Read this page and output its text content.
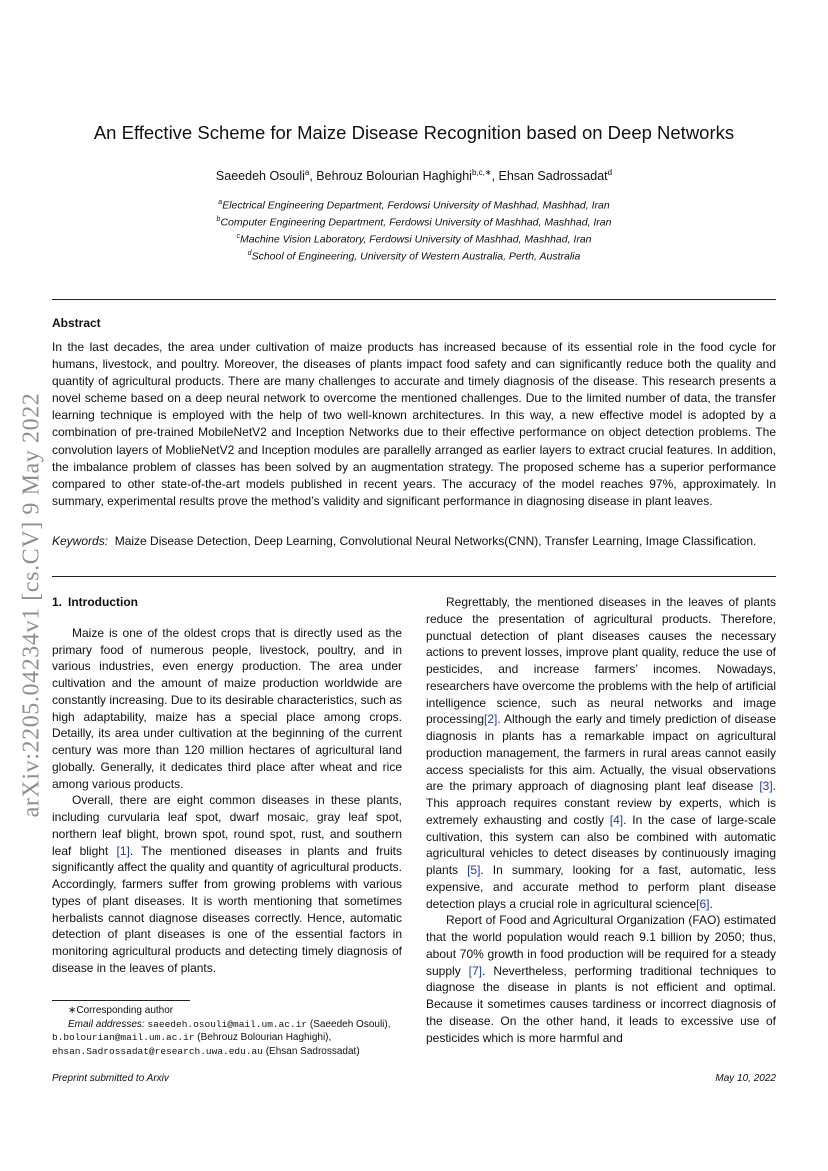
arXiv:2205.04234v1 [cs.CV] 9 May 2022
An Effective Scheme for Maize Disease Recognition based on Deep Networks
Saeedeh Osouli$^a$, Behrouz Bolourian Haghighi$^{b,c,∗}$, Ehsan Sadrossadat$^d$
$^a$Electrical Engineering Department, Ferdowsi University of Mashhad, Mashhad, Iran
$^b$Computer Engineering Department, Ferdowsi University of Mashhad, Mashhad, Iran
$^c$Machine Vision Laboratory, Ferdowsi University of Mashhad, Mashhad, Iran
$^d$School of Engineering, University of Western Australia, Perth, Australia
Abstract
In the last decades, the area under cultivation of maize products has increased because of its essential role in the food cycle for humans, livestock, and poultry. Moreover, the diseases of plants impact food safety and can significantly reduce both the quality and quantity of agricultural products. There are many challenges to accurate and timely diagnosis of the disease. This research presents a novel scheme based on a deep neural network to overcome the mentioned challenges. Due to the limited number of data, the transfer learning technique is employed with the help of two well-known architectures. In this way, a new effective model is adopted by a combination of pre-trained MobileNetV2 and Inception Networks due to their effective performance on object detection problems. The convolution layers of MoblieNetV2 and Inception modules are parallelly arranged as earlier layers to extract crucial features. In addition, the imbalance problem of classes has been solved by an augmentation strategy. The proposed scheme has a superior performance compared to other state-of-the-art models published in recent years. The accuracy of the model reaches 97%, approximately. In summary, experimental results prove the method’s validity and significant performance in diagnosing disease in plant leaves.
Keywords: Maize Disease Detection, Deep Learning, Convolutional Neural Networks(CNN), Transfer Learning, Image Classification.
1. Introduction

Maize is one of the oldest crops that is directly used as the primary food of numerous people, livestock, poultry, and in various industries, even energy production. The area under cultivation and the amount of maize production worldwide are constantly increasing. Due to its desirable characteristics, such as high adaptability, maize has a special place among crops. Detailly, its area under cultivation at the beginning of the current century was more than 120 million hectares of agricultural land globally. Generally, it dedicates third place after wheat and rice among various products.

Overall, there are eight common diseases in these plants, including curvularia leaf spot, dwarf mosaic, gray leaf spot, northern leaf blight, brown spot, round spot, rust, and southern leaf blight [1]. The mentioned diseases in plants and fruits significantly affect the quality and quantity of agricultural products. Accordingly, farmers suffer from growing problems with various types of plant diseases. It is worth mentioning that sometimes herbalists cannot diagnose diseases correctly. Hence, automatic detection of plant diseases is one of the essential factors in monitoring agricultural products and detecting timely diagnosis of disease in the leaves of plants.

Regrettably, the mentioned diseases in the leaves of plants reduce the presentation of agricultural products. Therefore, punctual detection of plant diseases causes the necessary actions to prevent losses, improve plant quality, reduce the use of pesticides, and increase farmers’ incomes. Nowadays, researchers have overcome the problems with the help of artificial intelligence science, such as neural networks and image processing[2]. Although the early and timely prediction of disease diagnosis in plants has a remarkable impact on agricultural production management, the farmers in rural areas cannot easily access specialists for this aim. Actually, the visual observations are the primary approach of diagnosing plant leaf disease [3]. This approach requires constant review by experts, which is extremely exhausting and costly [4]. In the case of large-scale cultivation, this system can also be combined with automatic agricultural vehicles to detect diseases by continuously imaging plants [5]. In summary, looking for a fast, automatic, less expensive, and accurate method to perform plant disease detection plays a crucial role in agricultural science[6].

Report of Food and Agricultural Organization (FAO) estimated that the world population would reach 9.1 billion by 2050; thus, about 70% growth in food production will be required for a steady supply [7]. Nevertheless, performing traditional techniques to diagnose the disease in plants is not efficient and optimal. Because it sometimes causes tardiness or incorrect diagnosis of the disease. On the other hand, it leads to excessive use of pesticides which is more harmful and

∗Corresponding author
Email addresses: saeedeh.osouli@mail.um.ac.ir (Saeedeh Osouli), b.bolourian@mail.um.ac.ir (Behrouz Bolourian Haghighi), ehsan.Sadrossadat@research.uwa.edu.au (Ehsan Sadrossadat)
Preprint submitted to Arxiv	May 10, 2022
